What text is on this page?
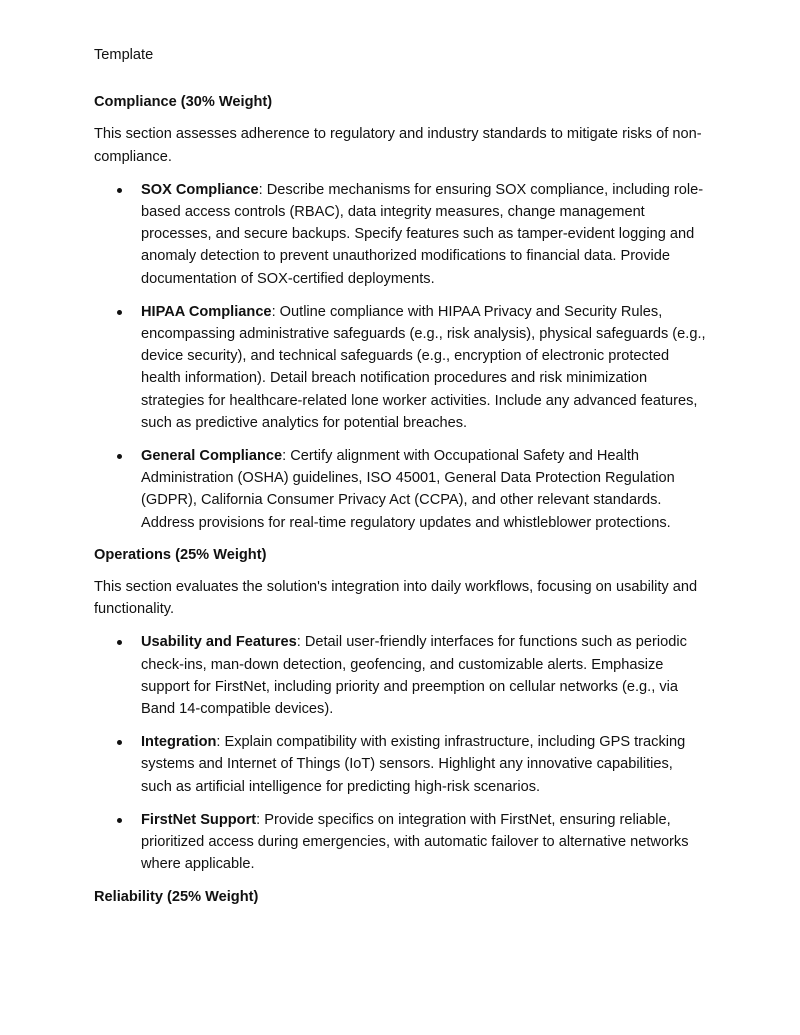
Template

Compliance (30% Weight)

This section assesses adherence to regulatory and industry standards to mitigate risks of non-compliance.

SOX Compliance: Describe mechanisms for ensuring SOX compliance, including role-based access controls (RBAC), data integrity measures, change management processes, and secure backups. Specify features such as tamper-evident logging and anomaly detection to prevent unauthorized modifications to financial data. Provide documentation of SOX-certified deployments.
HIPAA Compliance: Outline compliance with HIPAA Privacy and Security Rules, encompassing administrative safeguards (e.g., risk analysis), physical safeguards (e.g., device security), and technical safeguards (e.g., encryption of electronic protected health information). Detail breach notification procedures and risk minimization strategies for healthcare-related lone worker activities. Include any advanced features, such as predictive analytics for potential breaches.
General Compliance: Certify alignment with Occupational Safety and Health Administration (OSHA) guidelines, ISO 45001, General Data Protection Regulation (GDPR), California Consumer Privacy Act (CCPA), and other relevant standards. Address provisions for real-time regulatory updates and whistleblower protections.

Operations (25% Weight)

This section evaluates the solution's integration into daily workflows, focusing on usability and functionality.

Usability and Features: Detail user-friendly interfaces for functions such as periodic check-ins, man-down detection, geofencing, and customizable alerts. Emphasize support for FirstNet, including priority and preemption on cellular networks (e.g., via Band 14-compatible devices).
Integration: Explain compatibility with existing infrastructure, including GPS tracking systems and Internet of Things (IoT) sensors. Highlight any innovative capabilities, such as artificial intelligence for predicting high-risk scenarios.
FirstNet Support: Provide specifics on integration with FirstNet, ensuring reliable, prioritized access during emergencies, with automatic failover to alternative networks where applicable.

Reliability (25% Weight)
